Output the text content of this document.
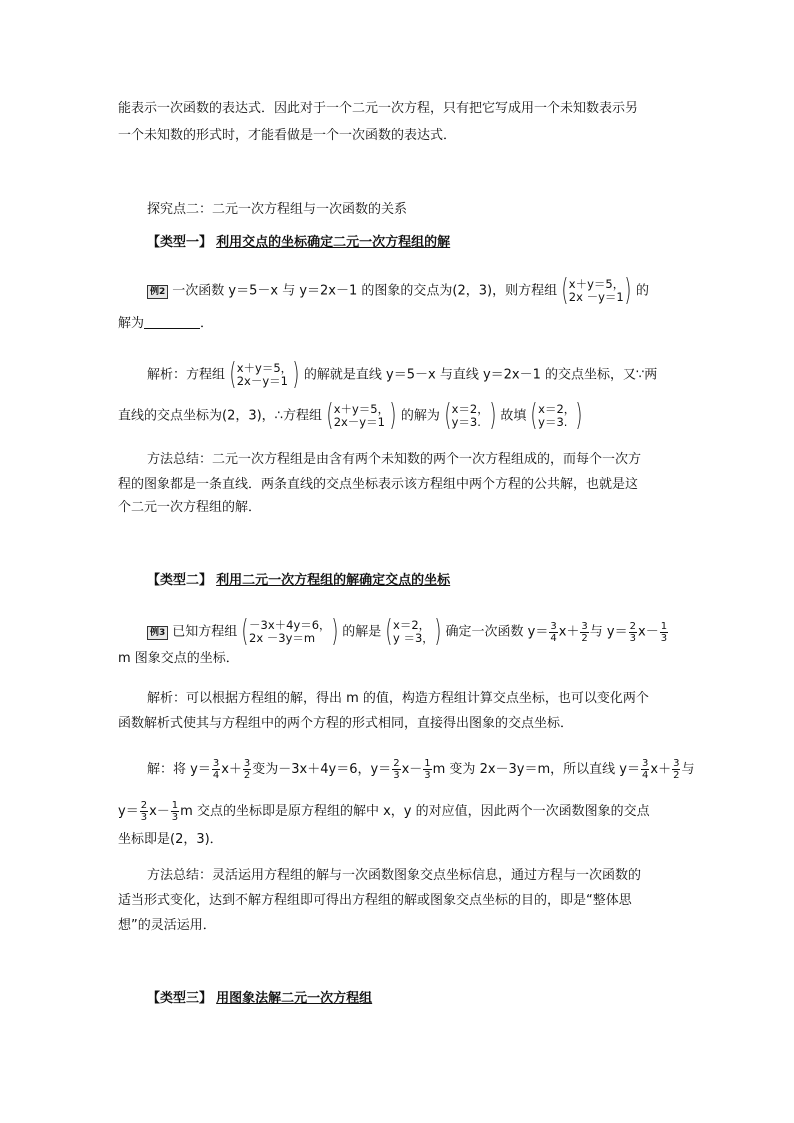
能表示一次函数的表达式．因此对于一个二元一次方程，只有把它写成用一个未知数表示另
一个未知数的形式时，才能看做是一个一次函数的表达式．
探究点二：二元一次方程组与一次函数的关系
【类型一】 利用交点的坐标确定二元一次方程组的解
例2 一次函数 y＝5－x 与 y＝2x－1 的图象的交点为(2，3)，则方程组 ( x＋y＝5，
2x －y＝1 ) 的
解为	．
解析：方程组 ( x＋y＝5，
2x－y＝1 ) 的解就是直线 y＝5－x 与直线 y＝2x－1 的交点坐标，又∵两
直线的交点坐标为(2，3)，∴方程组 ( x＋y＝5，
2x－y＝1 ) 的解为 ( x＝2，
y＝3. ) 故填 ( x＝2，
y＝3. )
方法总结：二元一次方程组是由含有两个未知数的两个一次方程组成的，而每个一次方
程的图象都是一条直线．两条直线的交点坐标表示该方程组中两个方程的公共解，也就是这
个二元一次方程组的解．
【类型二】 利用二元一次方程组的解确定交点的坐标
例3 已知方程组 ( －3x＋4y＝6，
2x －3y＝m ) 的解是 ( x＝2，
y ＝3， ) 确定一次函数 $y= \frac{3}{4} x+ \frac{3}{2}$ 与 $y= \frac{2}{3} x- \frac{1}{3}$
m 图象交点的坐标．
解析：可以根据方程组的解，得出 m 的值，构造方程组计算交点坐标，也可以变化两个
函数解析式使其与方程组中的两个方程的形式相同，直接得出图象的交点坐标．
解：将 $y= \frac{3}{4} x+ \frac{3}{2}$ 变为－3x＋4y＝6，$y= \frac{2}{3} x- \frac{1}{3}$ m 变为 2x－3y＝m，所以直线 $y= \frac{3}{4} x+ \frac{3}{2}$ 与
$y= \frac{2}{3} x- \frac{1}{3}$ m 交点的坐标即是原方程组的解中 x，y 的对应值，因此两个一次函数图象的交点
坐标即是(2，3)．
方法总结：灵活运用方程组的解与一次函数图象交点坐标信息，通过方程与一次函数的
适当形式变化，达到不解方程组即可得出方程组的解或图象交点坐标的目的，即是“整体思
想”的灵活运用．
【类型三】 用图象法解二元一次方程组
